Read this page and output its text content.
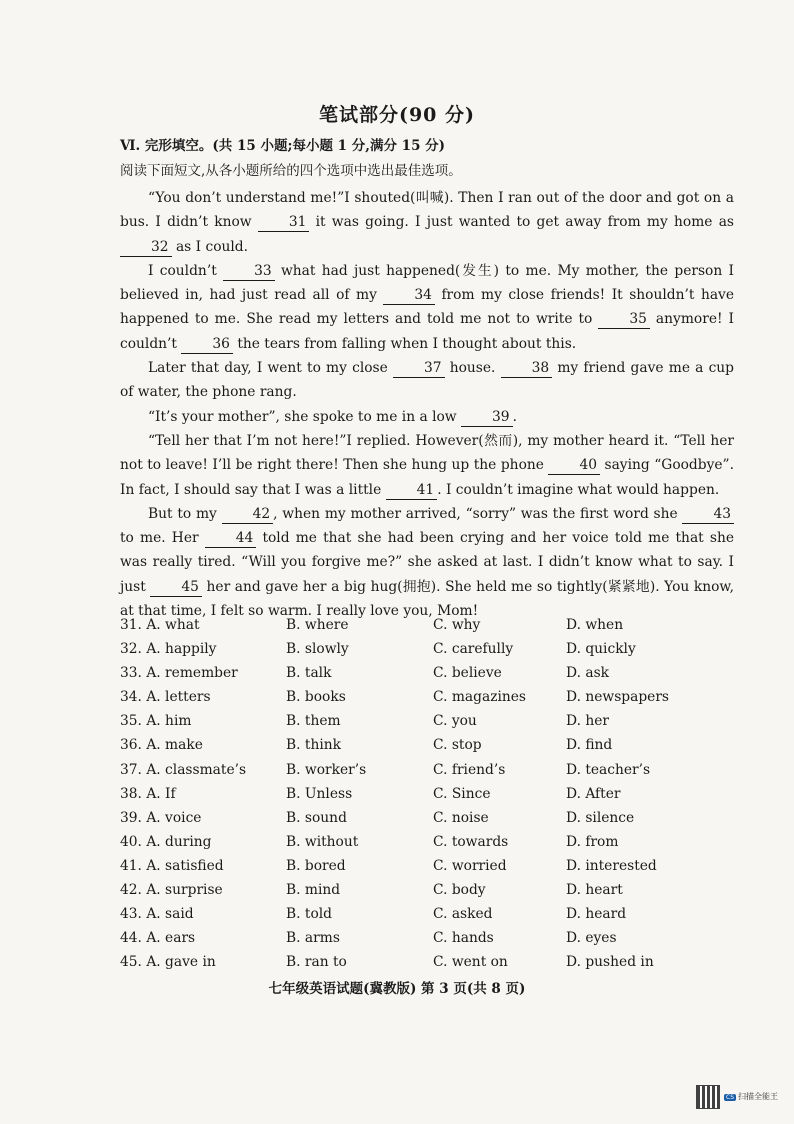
笔试部分(90 分)
Ⅵ. 完形填空。(共 15 小题;每小题 1 分,满分 15 分)
阅读下面短文,从各小题所给的四个选项中选出最佳选项。

“You don’t understand me!”I shouted(叫喊). Then I ran out of the door and got on a bus. I didn’t know 31 it was going. I just wanted to get away from my home as 32 as I could.

I couldn’t 33 what had just happened(发生) to me. My mother, the person I believed in, had just read all of my 34 from my close friends! It shouldn’t have happened to me. She read my letters and told me not to write to 35 anymore! I couldn’t 36 the tears from falling when I thought about this.

Later that day, I went to my close 37 house. 38 my friend gave me a cup of water, the phone rang.

“It’s your mother”, she spoke to me in a low 39 .

“Tell her that I’m not here!”I replied. However(然而), my mother heard it. “Tell her not to leave! I’ll be right there! Then she hung up the phone 40 saying “Goodbye”. In fact, I should say that I was a little 41 . I couldn’t imagine what would happen.

But to my 42 , when my mother arrived, “sorry” was the first word she 43 to me. Her 44 told me that she had been crying and her voice told me that she was really tired. “Will you forgive me?” she asked at last. I didn’t know what to say. I just 45 her and gave her a big hug(拥抱). She held me so tightly(紧紧地). You know, at that time, I felt so warm. I really love you, Mom!

31. A. what	B. where	C. why	D. when
32. A. happily	B. slowly	C. carefully	D. quickly
33. A. remember	B. talk	C. believe	D. ask
34. A. letters	B. books	C. magazines	D. newspapers
35. A. him	B. them	C. you	D. her
36. A. make	B. think	C. stop	D. find
37. A. classmate’s	B. worker’s	C. friend’s	D. teacher’s
38. A. If	B. Unless	C. Since	D. After
39. A. voice	B. sound	C. noise	D. silence
40. A. during	B. without	C. towards	D. from
41. A. satisfied	B. bored	C. worried	D. interested
42. A. surprise	B. mind	C. body	D. heart
43. A. said	B. told	C. asked	D. heard
44. A. ears	B. arms	C. hands	D. eyes
45. A. gave in	B. ran to	C. went on	D. pushed in
七年级英语试题(冀教版) 第 3 页(共 8 页)
CS 扫描全能王
